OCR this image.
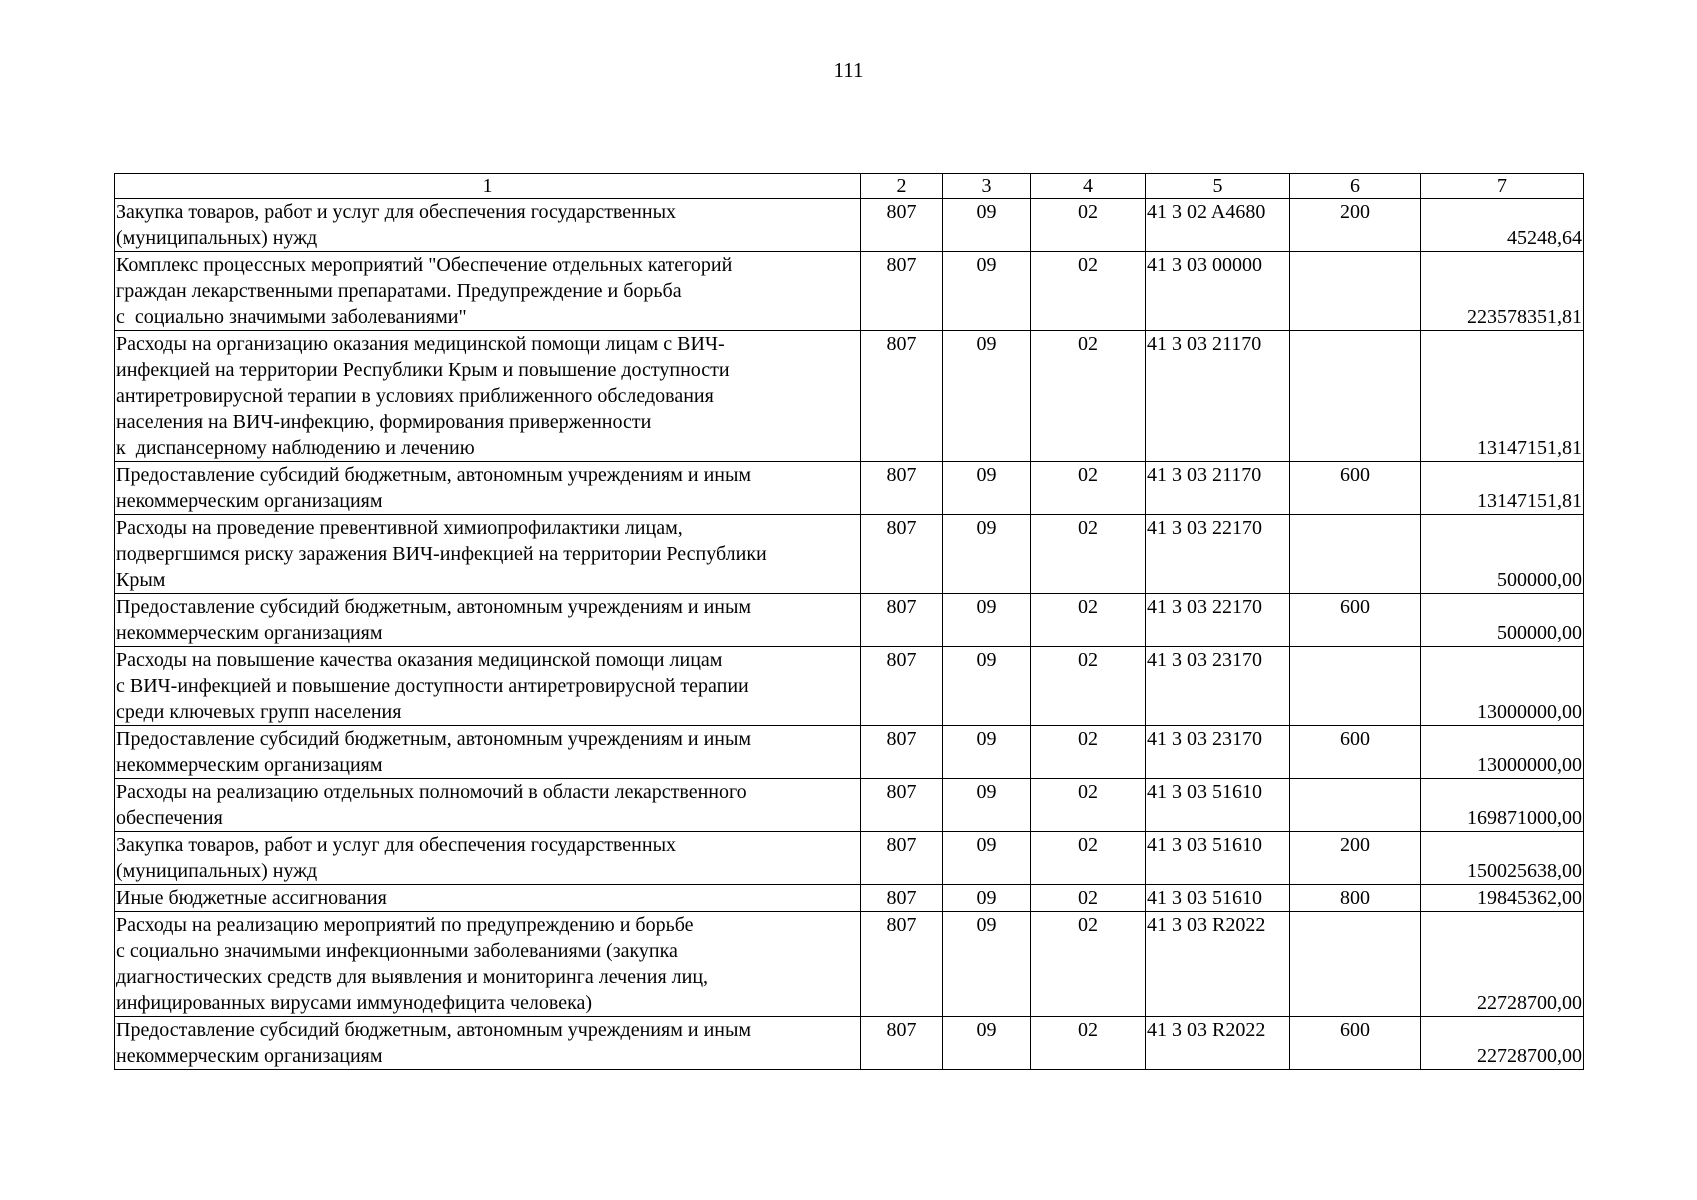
111
1	2	3	4	5	6	7

Закупка товаров, работ и услуг для обеспечения государственных
(муниципальных) нужд	807	09	02	41 3 02 A4680	200	45248,64

Комплекс процессных мероприятий "Обеспечение отдельных категорий
граждан лекарственными препаратами. Предупреждение и борьба
с  социально значимыми заболеваниями"	807	09	02	41 3 03 00000		223578351,81

Расходы на организацию оказания медицинской помощи лицам с ВИЧ-
инфекцией на территории Республики Крым и повышение доступности
антиретровирусной терапии в условиях приближенного обследования
населения на ВИЧ-инфекцию, формирования приверженности
к  диспансерному наблюдению и лечению	807	09	02	41 3 03 21170		13147151,81

Предоставление субсидий бюджетным, автономным учреждениям и иным
некоммерческим организациям	807	09	02	41 3 03 21170	600	13147151,81

Расходы на проведение превентивной химиопрофилактики лицам,
подвергшимся риску заражения ВИЧ-инфекцией на территории Республики
Крым	807	09	02	41 3 03 22170		500000,00

Предоставление субсидий бюджетным, автономным учреждениям и иным
некоммерческим организациям	807	09	02	41 3 03 22170	600	500000,00

Расходы на повышение качества оказания медицинской помощи лицам
с ВИЧ-инфекцией и повышение доступности антиретровирусной терапии
среди ключевых групп населения	807	09	02	41 3 03 23170		13000000,00

Предоставление субсидий бюджетным, автономным учреждениям и иным
некоммерческим организациям	807	09	02	41 3 03 23170	600	13000000,00

Расходы на реализацию отдельных полномочий в области лекарственного
обеспечения	807	09	02	41 3 03 51610		169871000,00

Закупка товаров, работ и услуг для обеспечения государственных
(муниципальных) нужд	807	09	02	41 3 03 51610	200	150025638,00

Иные бюджетные ассигнования	807	09	02	41 3 03 51610	800	19845362,00

Расходы на реализацию мероприятий по предупреждению и борьбе
с социально значимыми инфекционными заболеваниями (закупка
диагностических средств для выявления и мониторинга лечения лиц,
инфицированных вирусами иммунодефицита человека)	807	09	02	41 3 03 R2022		22728700,00

Предоставление субсидий бюджетным, автономным учреждениям и иным
некоммерческим организациям	807	09	02	41 3 03 R2022	600	22728700,00
